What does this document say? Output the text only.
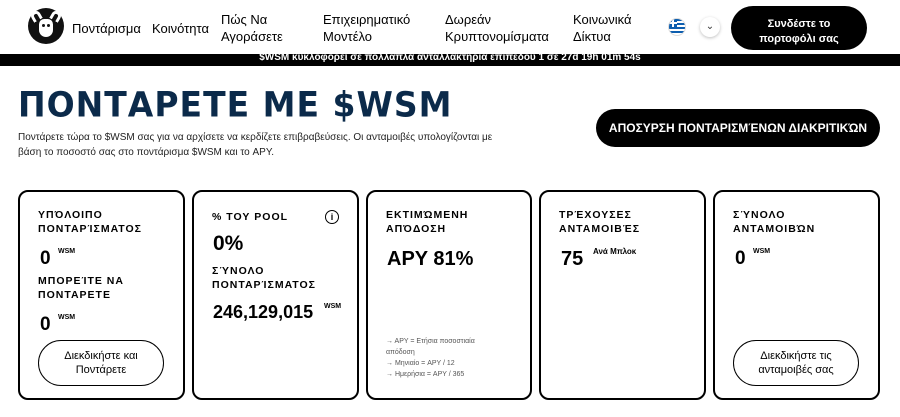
Ποντάρισμα Κοινότητα
Πώς Να
Αγοράσετε
Επιχειρηματικό
Μοντέλο
Δωρεάν
Κρυπτονομίσματα
Κοινωνικά
Δίκτυα
⌄	Συνδέστε το
πορτοφόλι σας
$WSM κυκλοφορεί σε πολλαπλά ανταλλακτήρια επίπεδου 1 σε 27d 19h 01m 54s
ΠΟΝΤΑΡΕΤΕ ΜΕ $WSM
Ποντάρετε τώρα το $WSM σας για να αρχίσετε να κερδίζετε επιβραβεύσεις. Οι ανταμοιβές υπολογίζονται με βάση το ποσοστό σας στο ποντάρισμα $WSM και το APY.
ΑΠΟΣΥΡΣΗ ΠΟΝΤΑΡΙΣΜΈΝΩΝ ΔΙΑΚΡΙΤΙΚΏΝ
ΥΠΌΛΟΙΠΟ
ΠΟΝΤΑΡΊΣΜΑΤΟΣ
0 WSM
ΜΠΟΡΕΊΤΕ ΝΑ
ΠΟΝΤΑΡΕΤΕ
0 WSM
Διεκδικήστε και
Ποντάρετε
% ΤΟΥ POOL	i
0%
ΣΎΝΟΛΟ
ΠΟΝΤΑΡΊΣΜΑΤΟΣ
246,129,015 WSM
ΕΚΤΙΜΏΜΕΝΗ
ΑΠΌΔΟΣΗ
APY 81%
→ APY = Ετήσια ποσοστιαία
απόδοση
→ Μηνιαίο = APY / 12
→ Ημερήσια = APY / 365
ΤΡΈΧΟΥΣΕΣ
ΑΝΤΑΜΟΙΒΈΣ
75 Ανά Μπλοκ
ΣΎΝΟΛΟ
ΑΝΤΑΜΟΙΒΏΝ
0 WSM
Διεκδικήστε τις
ανταμοιβές σας
